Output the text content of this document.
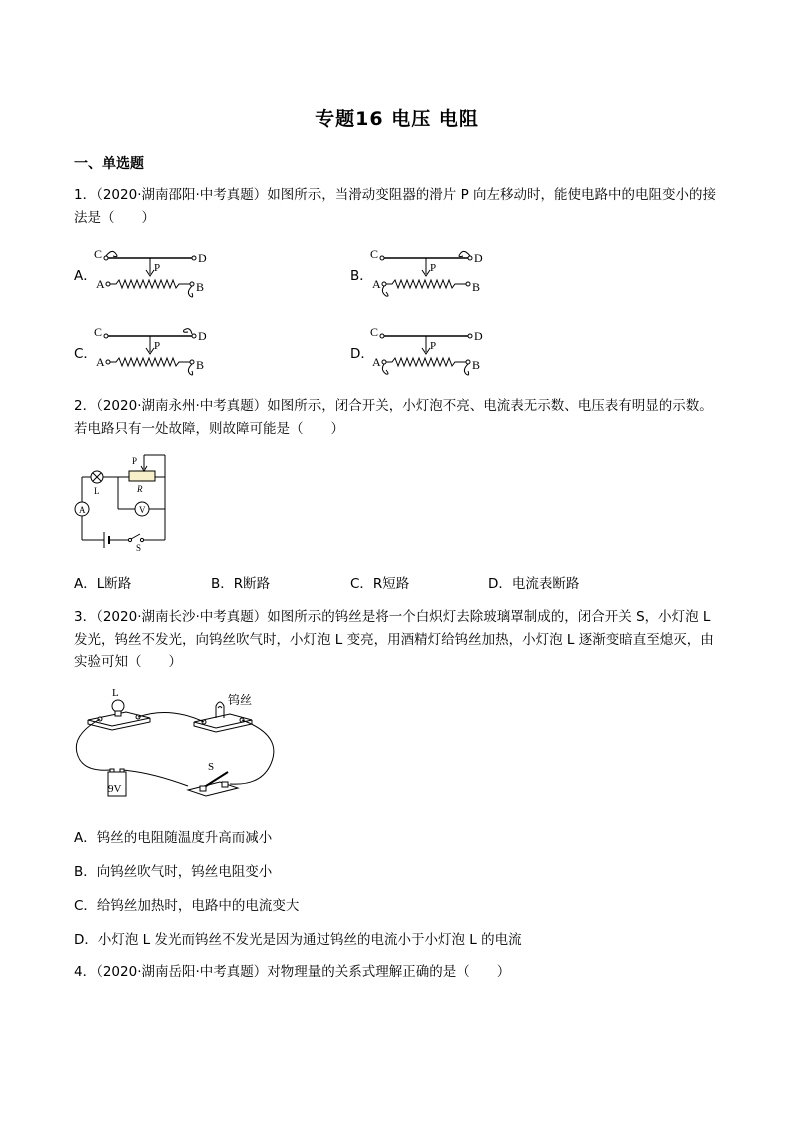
专题16 电压 电阻
一、单选题
1．（2020·湖南邵阳·中考真题）如图所示，当滑动变阻器的滑片 P 向左移动时，能使电路中的电阻变小的接
法是（　　）
A．	B．
C．	D．
C	D
P
A	B
C	D
P
A	B
C	D
P
A	B
C	D
P
A	B
2．（2020·湖南永州·中考真题）如图所示，闭合开关，小灯泡不亮、电流表无示数、电压表有明显的示数。
若电路只有一处故障，则故障可能是（　　）
S
A
L	R
P
V
A．L断路	B．R断路	C．R短路	D．电流表断路
3．（2020·湖南长沙·中考真题）如图所示的钨丝是将一个白炽灯去除玻璃罩制成的，闭合开关 S，小灯泡 L
发光，钨丝不发光，向钨丝吹气时，小灯泡 L 变亮，用酒精灯给钨丝加热，小灯泡 L 逐渐变暗直至熄灭，由
实验可知（　　）
L	钨丝
9V
S
A．钨丝的电阻随温度升高而减小
B．向钨丝吹气时，钨丝电阻变小
C．给钨丝加热时，电路中的电流变大
D．小灯泡 L 发光而钨丝不发光是因为通过钨丝的电流小于小灯泡 L 的电流
4．（2020·湖南岳阳·中考真题）对物理量的关系式理解正确的是（　　）
